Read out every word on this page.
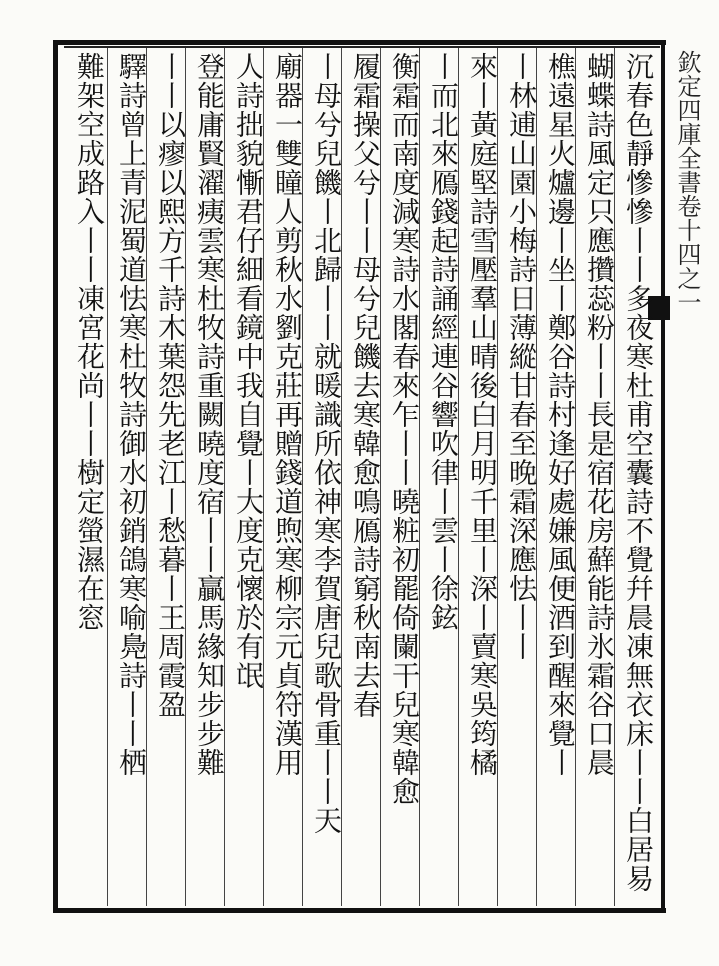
欽定四庫全書卷十四之一
沉春色靜慘慘丨丨多夜寒杜甫空囊詩不覺幷晨凍無衣床丨丨白居易
蝴蝶詩風定只應攢蕊粉丨丨長是宿花房蘚能詩氷霜谷口晨
樵遠星火爐邊丨坐丨鄭谷詩村逢好處嫌風便酒到醒來覺丨
丨林逋山園小梅詩日薄縱甘春至晚霜深應怯丨丨
來丨黃庭堅詩雪壓羣山晴後白月明千里丨深丨賣寒吳筠橘
丨而北來鴈錢起詩誦經連谷響吹律丨雲丨徐鉉
衡霜而南度減寒詩水閣春來乍丨丨曉粧初罷倚闌干兒寒韓愈
履霜操父兮丨丨母兮兒饑去寒韓愈鳴鴈詩窮秋南去春
丨母兮兒饑丨北歸丨丨就暖識所依神寒李賀唐兒歌骨重丨丨天
廟器一雙瞳人剪秋水劉克莊再贈錢道煦寒柳宗元貞符漢用
人詩拙貌慚君仔細看鏡中我自覺丨大度克懷於有氓
登能庸賢濯痍雲寒杜牧詩重闕曉度宿丨丨贏馬緣知步步難
丨丨以瘳以熙方千詩木葉怨先老江丨愁暮丨王周霞盈
驛詩曾上青泥蜀道怯寒杜牧詩御水初銷鴿寒喻鳧詩丨丨栖
難架空成路入丨丨凍宮花尚丨丨樹定螢濕在窓
